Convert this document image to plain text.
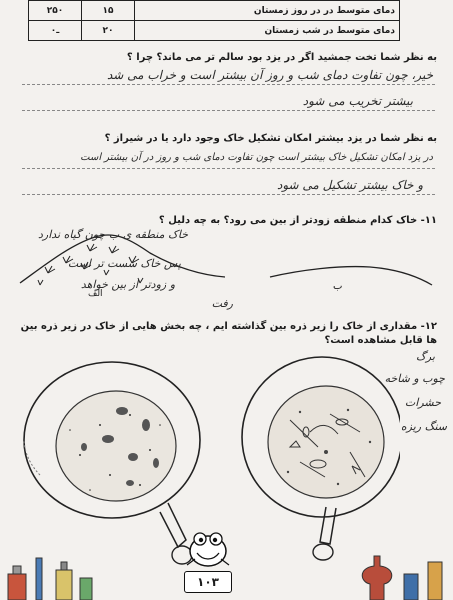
۲۵۰	۱۵	دمای متوسط در در روز زمستان
۰ـ	۲۰	دمای متوسط در شب زمستان
به نظر شما تخت جمشید اگر در یزد بود سالم تر می ماند؟ چرا ؟
خیر، چون تفاوت دمای شب و روز آن بیشتر است و خراب می شد
بیشتر تخریب می شود
به نظر شما در یزد بیشتر امکان تشکیل خاک وجود دارد یا در شیراز ؟
در یزد امکان تشکیل خاک بیشتر است چون تفاوت دمای شب و روز در آن بیشتر است
و خاک بیشتر تشکیل می شود
۱۱- خاک کدام منطقه زودتر از بین می رود؟ به چه دلیل ؟
الف
ب
خاک منطقه ی ب چون گیاه ندارد
پس خاک سست تر است
و زودتر از بین خواهد
رفت
۱۲- مقداری از خاک را زیر ذره بین گذاشته ایم ، چه بخش هایی از خاک در زیر ذره بین ها قابل مشاهده است؟
برگ
چوب و شاخه
حشرات
سنگ ریزه
۱۰۳
